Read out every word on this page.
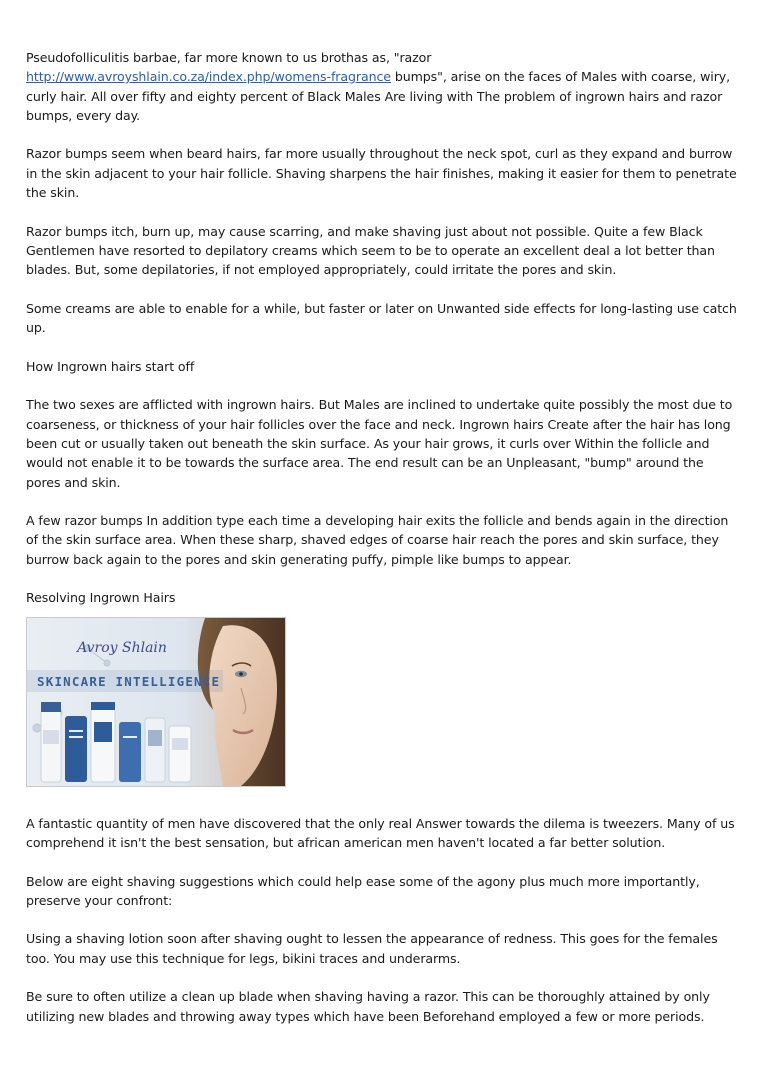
Pseudofolliculitis barbae, far more known to us brothas as, "razor http://www.avroyshlain.co.za/index.php/womens-fragrance bumps", arise on the faces of Males with coarse, wiry, curly hair. All over fifty and eighty percent of Black Males Are living with The problem of ingrown hairs and razor bumps, every day.

Razor bumps seem when beard hairs, far more usually throughout the neck spot, curl as they expand and burrow in the skin adjacent to your hair follicle. Shaving sharpens the hair finishes, making it easier for them to penetrate the skin.

Razor bumps itch, burn up, may cause scarring, and make shaving just about not possible. Quite a few Black Gentlemen have resorted to depilatory creams which seem to be to operate an excellent deal a lot better than blades. But, some depilatories, if not employed appropriately, could irritate the pores and skin.

Some creams are able to enable for a while, but faster or later on Unwanted side effects for long-lasting use catch up.

How Ingrown hairs start off

The two sexes are afflicted with ingrown hairs. But Males are inclined to undertake quite possibly the most due to coarseness, or thickness of your hair follicles over the face and neck. Ingrown hairs Create after the hair has long been cut or usually taken out beneath the skin surface. As your hair grows, it curls over Within the follicle and would not enable it to be towards the surface area. The end result can be an Unpleasant, "bump" around the pores and skin.

A few razor bumps In addition type each time a developing hair exits the follicle and bends again in the direction of the skin surface area. When these sharp, shaved edges of coarse hair reach the pores and skin surface, they burrow back again to the pores and skin generating puffy, pimple like bumps to appear.

Resolving Ingrown Hairs

Avroy Shlain
SKINCARE INTELLIGENCE

A fantastic quantity of men have discovered that the only real Answer towards the dilema is tweezers. Many of us comprehend it isn't the best sensation, but african american men haven't located a far better solution.

Below are eight shaving suggestions which could help ease some of the agony plus much more importantly, preserve your confront:

Using a shaving lotion soon after shaving ought to lessen the appearance of redness. This goes for the females too. You may use this technique for legs, bikini traces and underarms.

Be sure to often utilize a clean up blade when shaving having a razor. This can be thoroughly attained by only utilizing new blades and throwing away types which have been Beforehand employed a few or more periods.
